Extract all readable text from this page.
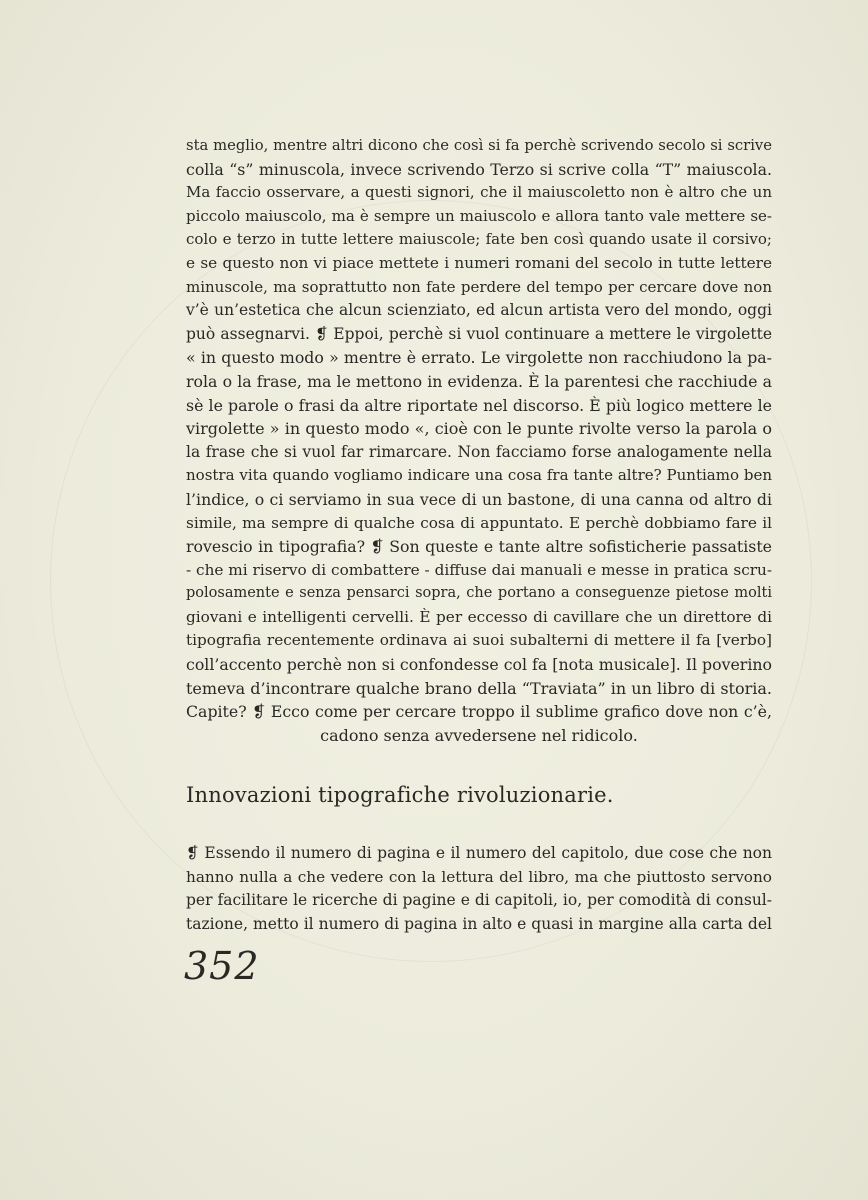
sta meglio, mentre altri dicono che così si fa perchè scrivendo secolo si scrive
colla “s” minuscola, invece scrivendo Terzo si scrive colla “T” maiuscola.
Ma faccio osservare, a questi signori, che il maiuscoletto non è altro che un
piccolo maiuscolo, ma è sempre un maiuscolo e allora tanto vale mettere se-
colo e terzo in tutte lettere maiuscole; fate ben così quando usate il corsivo;
e se questo non vi piace mettete i numeri romani del secolo in tutte lettere
minuscole, ma soprattutto non fate perdere del tempo per cercare dove non
v’è un’estetica che alcun scienziato, ed alcun artista vero del mondo, oggi
può assegnarvi. ❡ Eppoi, perchè si vuol continuare a mettere le virgolette
« in questo modo » mentre è errato. Le virgolette non racchiudono la pa-
rola o la frase, ma le mettono in evidenza. È la parentesi che racchiude a
sè le parole o frasi da altre riportate nel discorso. È più logico mettere le
virgolette » in questo modo «, cioè con le punte rivolte verso la parola o
la frase che si vuol far rimarcare. Non facciamo forse analogamente nella
nostra vita quando vogliamo indicare una cosa fra tante altre? Puntiamo ben
l’indice, o ci serviamo in sua vece di un bastone, di una canna od altro di
simile, ma sempre di qualche cosa di appuntato. E perchè dobbiamo fare il
rovescio in tipografia? ❡ Son queste e tante altre sofisticherie passatiste
- che mi riservo di combattere - diffuse dai manuali e messe in pratica scru-
polosamente e senza pensarci sopra, che portano a conseguenze pietose molti
giovani e intelligenti cervelli. È per eccesso di cavillare che un direttore di
tipografia recentemente ordinava ai suoi subalterni di mettere il fa [verbo]
coll’accento perchè non si confondesse col fa [nota musicale]. Il poverino
temeva d’incontrare qualche brano della “Traviata” in un libro di storia.
Capite? ❡ Ecco come per cercare troppo il sublime grafico dove non c’è,
cadono senza avvedersene nel ridicolo.
Innovazioni tipografiche rivoluzionarie.
❡ Essendo il numero di pagina e il numero del capitolo, due cose che non
hanno nulla a che vedere con la lettura del libro, ma che piuttosto servono
per facilitare le ricerche di pagine e di capitoli, io, per comodità di consul-
tazione, metto il numero di pagina in alto e quasi in margine alla carta del
352
